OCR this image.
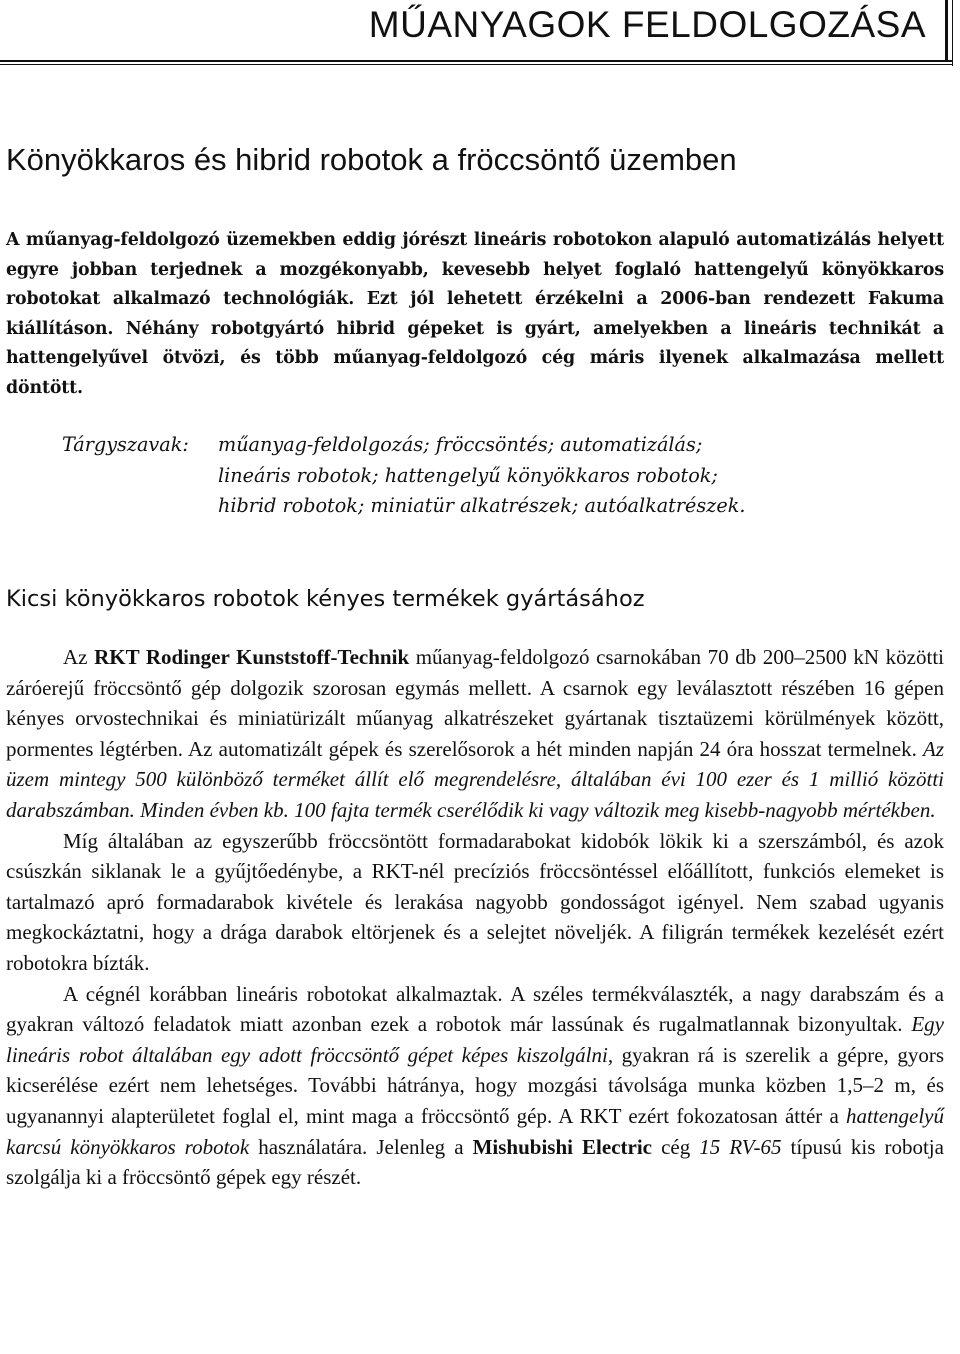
MŰANYAGOK FELDOLGOZÁSA
Könyökkaros és hibrid robotok a fröccsöntő üzemben

A műanyag-feldolgozó üzemekben eddig jórészt lineáris robotokon alapuló automatizálás helyett egyre jobban terjednek a mozgékonyabb, kevesebb helyet foglaló hattengelyű könyökkaros robotokat alkalmazó technológiák. Ezt jól lehetett érzékelni a 2006-ban rendezett Fakuma kiállításon. Néhány robotgyártó hibrid gépeket is gyárt, amelyekben a lineáris technikát a hattengelyűvel ötvözi, és több műanyag-feldolgozó cég máris ilyenek alkalmazása mellett döntött.

Tárgyszavak: műanyag-feldolgozás; fröccsöntés; automatizálás;
lineáris robotok; hattengelyű könyökkaros robotok;
hibrid robotok; miniatür alkatrészek; autóalkatrészek.
Kicsi könyökkaros robotok kényes termékek gyártásához

Az RKT Rodinger Kunststoff-Technik műanyag-feldolgozó csarnokában 70 db 200–2500 kN közötti záróerejű fröccsöntő gép dolgozik szorosan egymás mellett. A csarnok egy leválasztott részében 16 gépen kényes orvostechnikai és miniatürizált műanyag alkatrészeket gyártanak tisztaüzemi körülmények között, pormentes légtérben. Az automatizált gépek és szerelősorok a hét minden napján 24 óra hosszat termelnek. Az üzem mintegy 500 különböző terméket állít elő megrendelésre, általában évi 100 ezer és 1 millió közötti darabszámban. Minden évben kb. 100 fajta termék cserélődik ki vagy változik meg kisebb-nagyobb mértékben.

Míg általában az egyszerűbb fröccsöntött formadarabokat kidobók lökik ki a szerszámból, és azok csúszkán siklanak le a gyűjtőedénybe, a RKT-nél precíziós fröccsöntéssel előállított, funkciós elemeket is tartalmazó apró formadarabok kivétele és lerakása nagyobb gondosságot igényel. Nem szabad ugyanis megkockáztatni, hogy a drága darabok eltörjenek és a selejtet növeljék. A filigrán termékek kezelését ezért robotokra bízták.

A cégnél korábban lineáris robotokat alkalmaztak. A széles termékválaszték, a nagy darabszám és a gyakran változó feladatok miatt azonban ezek a robotok már lassúnak és rugalmatlannak bizonyultak. Egy lineáris robot általában egy adott fröccsöntő gépet képes kiszolgálni, gyakran rá is szerelik a gépre, gyors kicserélése ezért nem lehetséges. További hátránya, hogy mozgási távolsága munka közben 1,5–2 m, és ugyanannyi alapterületet foglal el, mint maga a fröccsöntő gép. A RKT ezért fokozatosan áttér a hattengelyű karcsú könyökkaros robotok használatára. Jelenleg a Mishubishi Electric cég 15 RV-65 típusú kis robotja szolgálja ki a fröccsöntő gépek egy részét.
